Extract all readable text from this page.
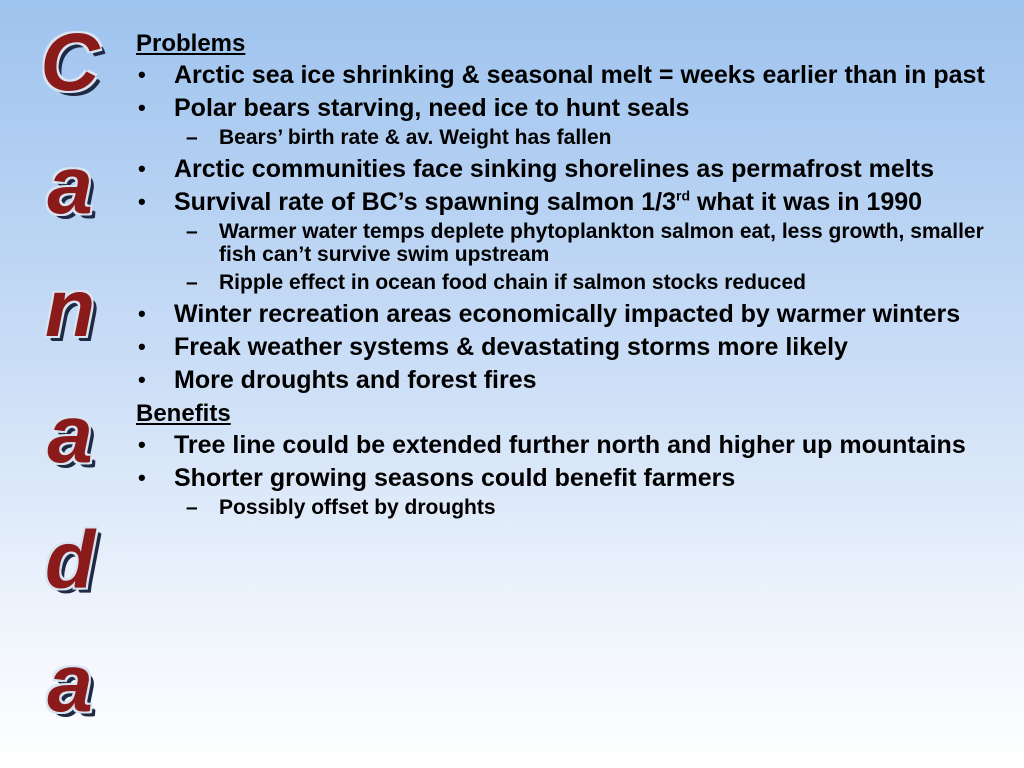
C
a
n
a
d
a
Problems
• Arctic sea ice shrinking & seasonal melt = weeks earlier than in past
• Polar bears starving, need ice to hunt seals
– Bears’ birth rate & av. Weight has fallen
• Arctic communities face sinking shorelines as permafrost melts
• Survival rate of BC’s spawning salmon 1/3rd what it was in 1990
– Warmer water temps deplete phytoplankton salmon eat, less growth, smaller fish can’t survive swim upstream
– Ripple effect in ocean food chain if salmon stocks reduced
• Winter recreation areas economically impacted by warmer winters
• Freak weather systems & devastating storms more likely
• More droughts and forest fires
Benefits
• Tree line could be extended further north and higher up mountains
• Shorter growing seasons could benefit farmers
– Possibly offset by droughts
